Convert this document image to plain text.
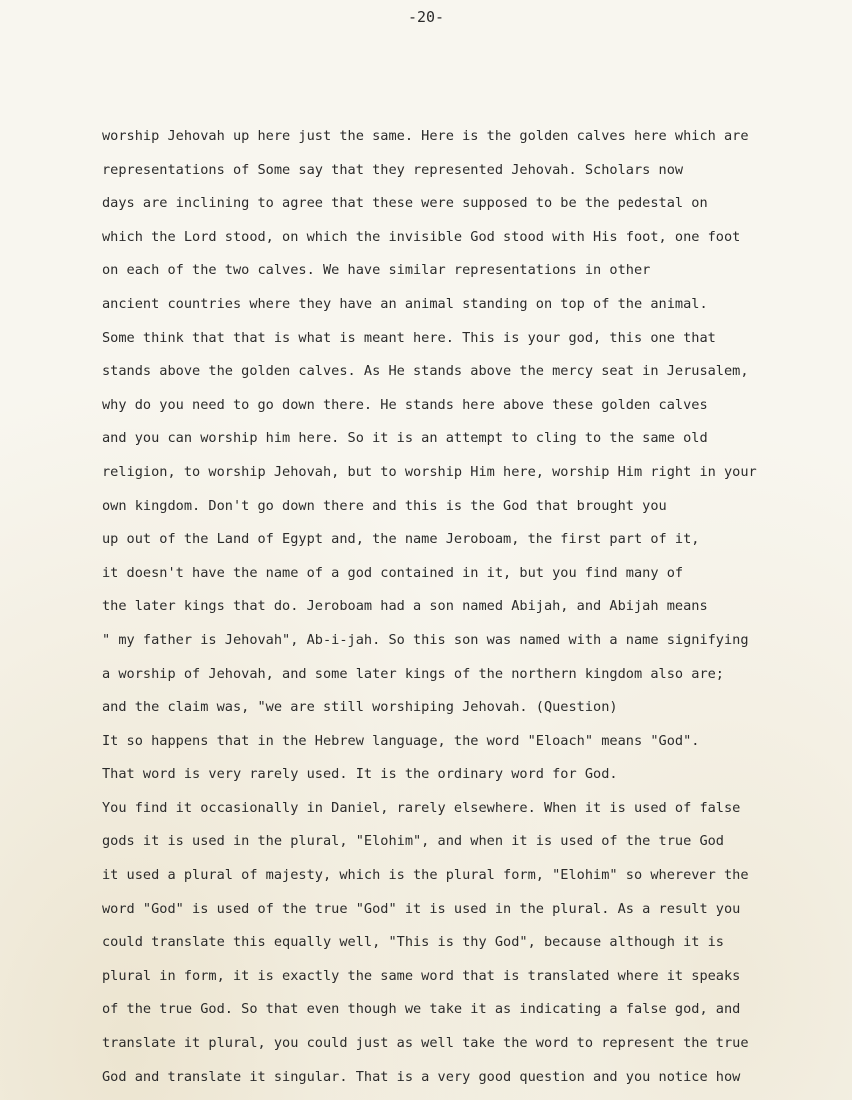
-20-
worship Jehovah up here just the same. Here is the golden calves here which are
representations of Some say that they represented Jehovah. Scholars now
days are inclining to agree that these were supposed to be the pedestal on
which the Lord stood, on which the invisible God stood with His foot, one foot
on each of the two calves. We have similar representations in other
ancient countries where they have an animal standing on top of the animal.
Some think that that is what is meant here. This is your god, this one that
stands above the golden calves. As He stands above the mercy seat in Jerusalem,
why do you need to go down there. He stands here above these golden calves
and you can worship him here. So it is an attempt to cling to the same old
religion, to worship Jehovah, but to worship Him here, worship Him right in your
own kingdom. Don't go down there and this is the God that brought you
up out of the Land of Egypt and, the name Jeroboam, the first part of it,
it doesn't have the name of a god contained in it, but you find many of
the later kings that do. Jeroboam had a son named Abijah, and Abijah means
" my father is Jehovah", Ab-i-jah. So this son was named with a name signifying
a worship of Jehovah, and some later kings of the northern kingdom also are;
and the claim was, "we are still worshiping Jehovah. (Question)
It so happens that in the Hebrew language, the word "Eloach" means "God".
That word is very rarely used. It is the ordinary word for God.
You find it occasionally in Daniel, rarely elsewhere. When it is used of false
gods it is used in the plural, "Elohim", and when it is used of the true God
it used a plural of majesty, which is the plural form, "Elohim" so wherever the
word "God" is used of the true "God" it is used in the plural. As a result you
could translate this equally well, "This is thy God", because although it is
plural in form, it is exactly the same word that is translated where it speaks
of the true God. So that even though we take it as indicating a false god, and
translate it plural, you could just as well take the word to represent the true
God and translate it singular. That is a very good question and you notice how
